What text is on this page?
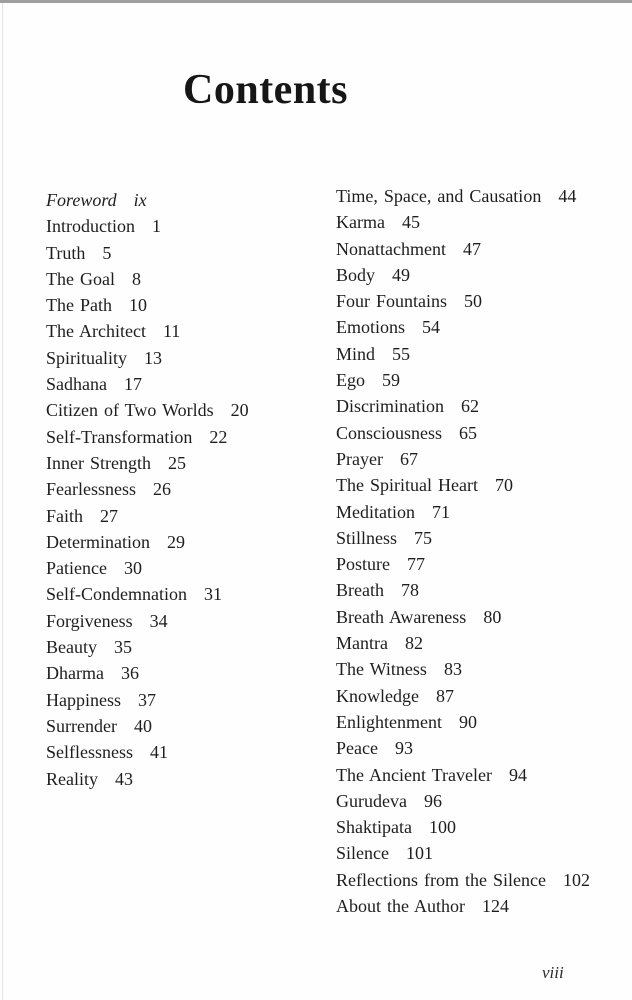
Contents
Foreword ix
Introduction 1
Truth 5
The Goal 8
The Path 10
The Architect 11
Spirituality 13
Sadhana 17
Citizen of Two Worlds 20
Self-Transformation 22
Inner Strength 25
Fearlessness 26
Faith 27
Determination 29
Patience 30
Self-Condemnation 31
Forgiveness 34
Beauty 35
Dharma 36
Happiness 37
Surrender 40
Selflessness 41
Reality 43
Time, Space, and Causation 44
Karma 45
Nonattachment 47
Body 49
Four Fountains 50
Emotions 54
Mind 55
Ego 59
Discrimination 62
Consciousness 65
Prayer 67
The Spiritual Heart 70
Meditation 71
Stillness 75
Posture 77
Breath 78
Breath Awareness 80
Mantra 82
The Witness 83
Knowledge 87
Enlightenment 90
Peace 93
The Ancient Traveler 94
Gurudeva 96
Shaktipata 100
Silence 101
Reflections from the Silence 102
About the Author 124
viii
